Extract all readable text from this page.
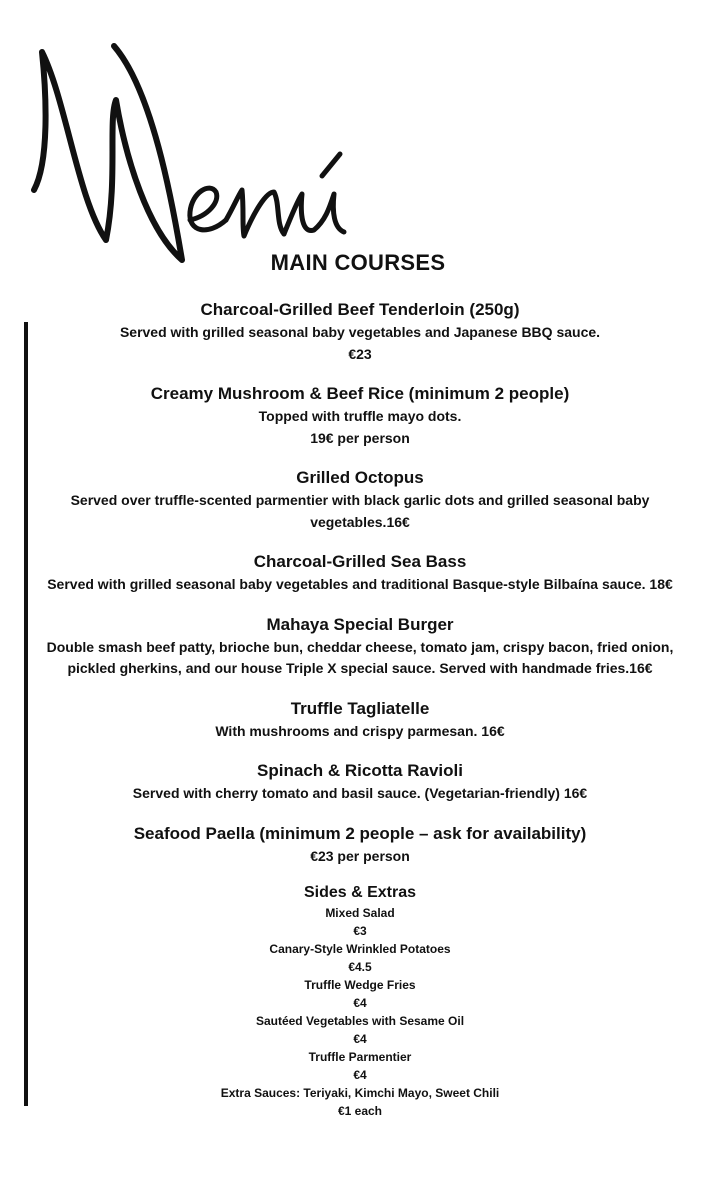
MAIN COURSES
Charcoal-Grilled Beef Tenderloin (250g)
Served with grilled seasonal baby vegetables and Japanese BBQ sauce.
€23
Creamy Mushroom & Beef Rice (minimum 2 people)
Topped with truffle mayo dots.
19€ per person
Grilled Octopus
Served over truffle-scented parmentier with black garlic dots and grilled seasonal baby vegetables.16€
Charcoal-Grilled Sea Bass
Served with grilled seasonal baby vegetables and traditional Basque-style Bilbaína sauce. 18€
Mahaya Special Burger
Double smash beef patty, brioche bun, cheddar cheese, tomato jam, crispy bacon, fried onion, pickled gherkins, and our house Triple X special sauce. Served with handmade fries.16€
Truffle Tagliatelle
With mushrooms and crispy parmesan. 16€
Spinach & Ricotta Ravioli
Served with cherry tomato and basil sauce. (Vegetarian-friendly) 16€
Seafood Paella (minimum 2 people – ask for availability)
€23 per person
Sides & Extras
Mixed Salad
€3
Canary-Style Wrinkled Potatoes
€4.5
Truffle Wedge Fries
€4
Sautéed Vegetables with Sesame Oil
€4
Truffle Parmentier
€4
Extra Sauces: Teriyaki, Kimchi Mayo, Sweet Chili
€1 each
